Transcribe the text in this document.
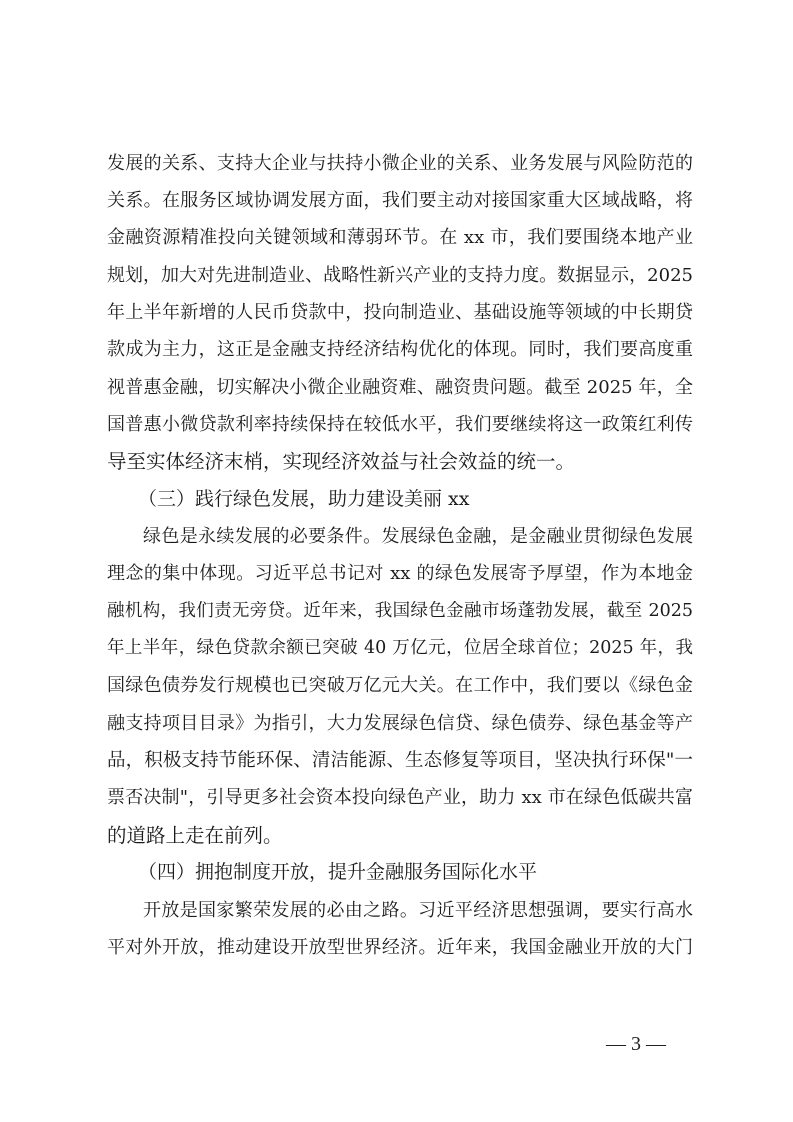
发展的关系、支持大企业与扶持小微企业的关系、业务发展与风险防范的
关系。在服务区域协调发展方面，我们要主动对接国家重大区域战略，将
金融资源精准投向关键领域和薄弱环节。在 xx 市，我们要围绕本地产业
规划，加大对先进制造业、战略性新兴产业的支持力度。数据显示，2025
年上半年新增的人民币贷款中，投向制造业、基础设施等领域的中长期贷
款成为主力，这正是金融支持经济结构优化的体现。同时，我们要高度重
视普惠金融，切实解决小微企业融资难、融资贵问题。截至 2025 年，全
国普惠小微贷款利率持续保持在较低水平，我们要继续将这一政策红利传
导至实体经济末梢，实现经济效益与社会效益的统一。
（三）践行绿色发展，助力建设美丽 xx
绿色是永续发展的必要条件。发展绿色金融，是金融业贯彻绿色发展
理念的集中体现。习近平总书记对 xx 的绿色发展寄予厚望，作为本地金
融机构，我们责无旁贷。近年来，我国绿色金融市场蓬勃发展，截至 2025
年上半年，绿色贷款余额已突破 40 万亿元，位居全球首位；2025 年，我
国绿色债券发行规模也已突破万亿元大关。在工作中，我们要以《绿色金
融支持项目目录》为指引，大力发展绿色信贷、绿色债券、绿色基金等产
品，积极支持节能环保、清洁能源、生态修复等项目，坚决执行环保"一
票否决制"，引导更多社会资本投向绿色产业，助力 xx 市在绿色低碳共富
的道路上走在前列。
（四）拥抱制度开放，提升金融服务国际化水平
开放是国家繁荣发展的必由之路。习近平经济思想强调，要实行高水
平对外开放，推动建设开放型世界经济。近年来，我国金融业开放的大门
— 3 —
